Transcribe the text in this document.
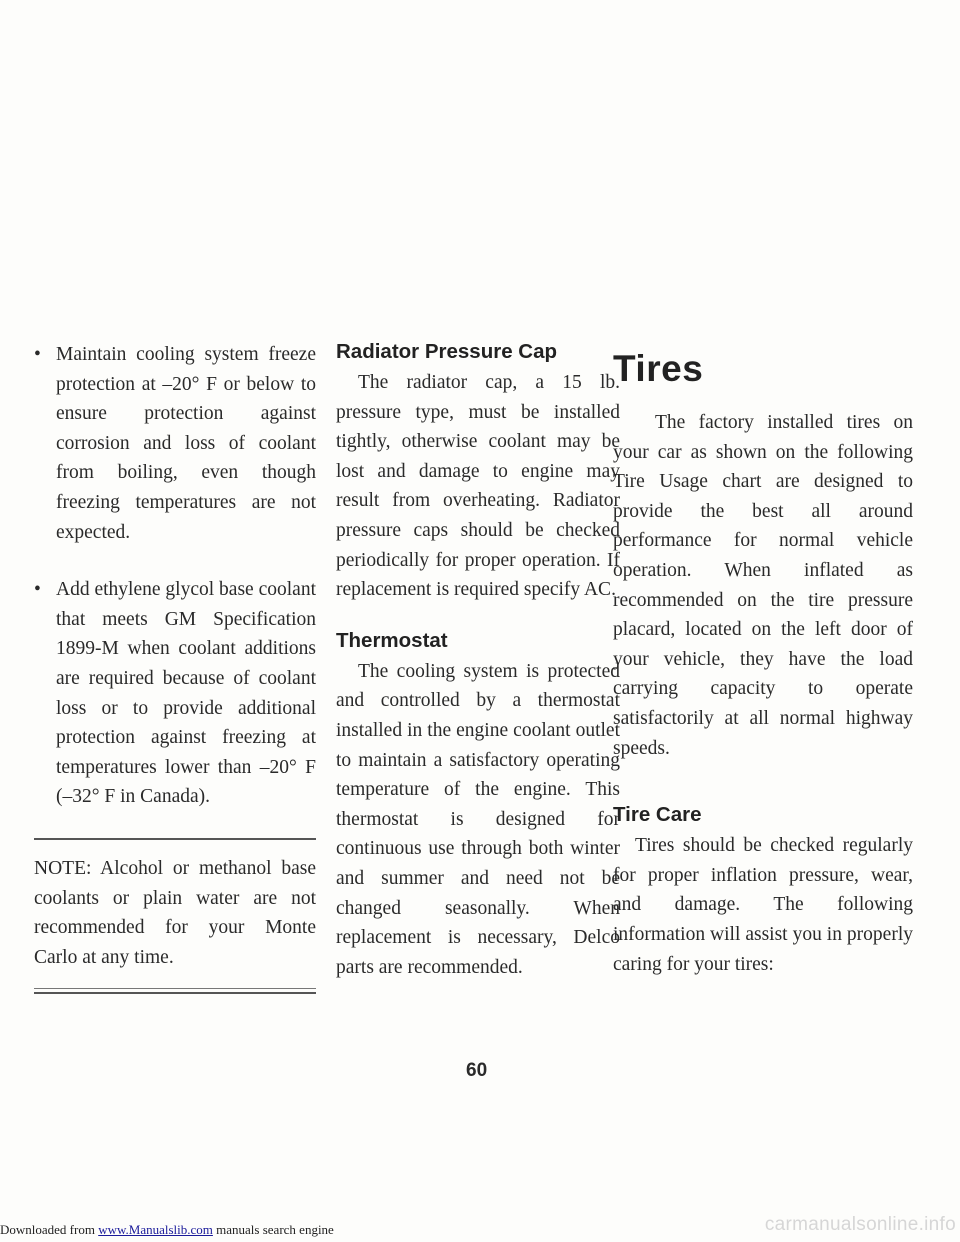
• Maintain cooling system freeze protection at –20° F or below to ensure protection against corrosion and loss of coolant from boiling, even though freezing temperatures are not expected.
• Add ethylene glycol base coolant that meets GM Specification 1899-M when coolant additions are required because of coolant loss or to provide additional protection against freezing at temperatures lower than –20° F (–32° F in Canada).

NOTE: Alcohol or methanol base coolants or plain water are not recommended for your Monte Carlo at any time.

Radiator Pressure Cap

The radiator cap, a 15 lb. pressure type, must be installed tightly, otherwise coolant may be lost and damage to engine may result from overheating. Radiator pressure caps should be checked periodically for proper operation. If replacement is required specify AC.

Thermostat

The cooling system is protected and controlled by a thermostat installed in the engine coolant outlet to maintain a satisfactory operating temperature of the engine. This thermostat is designed for continuous use through both winter and summer and need not be changed seasonally. When replacement is necessary, Delco parts are recommended.

Tires

The factory installed tires on your car as shown on the following Tire Usage chart are designed to provide the best all around performance for normal vehicle operation. When inflated as recommended on the tire pressure placard, located on the left door of your vehicle, they have the load carrying capacity to operate satisfactorily at all normal highway speeds.

Tire Care

Tires should be checked regularly for proper inflation pressure, wear, and damage. The following information will assist you in properly caring for your tires:

60
Downloaded from www.Manualslib.com manuals search engine	carmanualsonline.info
